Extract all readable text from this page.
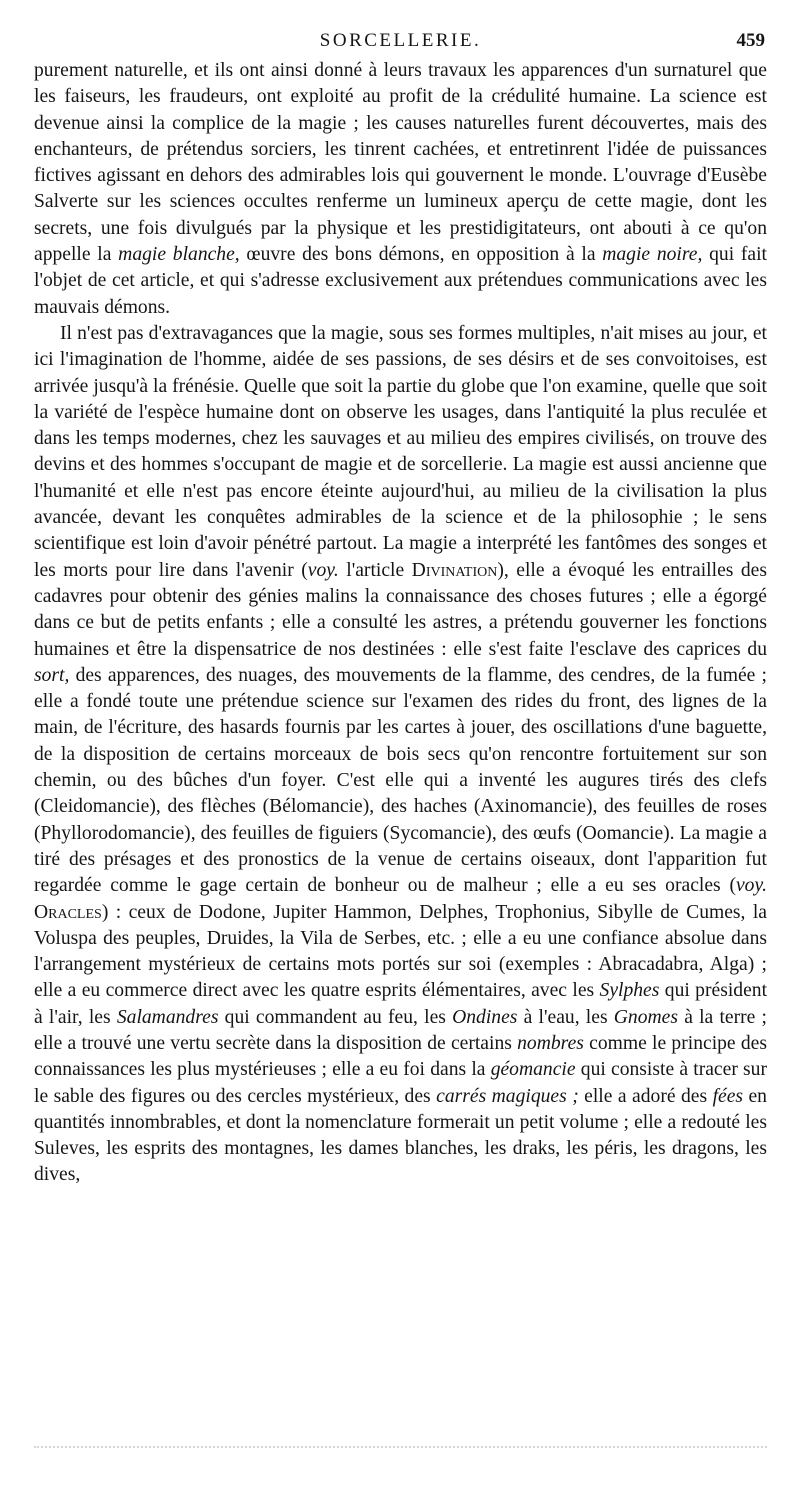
SORCELLERIE.	459

purement naturelle, et ils ont ainsi donné à leurs travaux les apparences d'un surnaturel que les faiseurs, les fraudeurs, ont exploité au profit de la crédulité humaine. La science est devenue ainsi la complice de la magie ; les causes naturelles furent découvertes, mais des enchanteurs, de prétendus sorciers, les tinrent cachées, et entretinrent l'idée de puissances fictives agissant en dehors des admirables lois qui gouvernent le monde. L'ouvrage d'Eusèbe Salverte sur les sciences occultes renferme un lumineux aperçu de cette magie, dont les secrets, une fois divulgués par la physique et les prestidigitateurs, ont abouti à ce qu'on appelle la magie blanche, œuvre des bons démons, en opposition à la magie noire, qui fait l'objet de cet article, et qui s'adresse exclusivement aux prétendues communications avec les mauvais démons.

Il n'est pas d'extravagances que la magie, sous ses formes multiples, n'ait mises au jour, et ici l'imagination de l'homme, aidée de ses passions, de ses désirs et de ses convoitoises, est arrivée jusqu'à la frénésie. Quelle que soit la partie du globe que l'on examine, quelle que soit la variété de l'espèce humaine dont on observe les usages, dans l'antiquité la plus reculée et dans les temps modernes, chez les sauvages et au milieu des empires civilisés, on trouve des devins et des hommes s'occupant de magie et de sorcellerie. La magie est aussi ancienne que l'humanité et elle n'est pas encore éteinte aujourd'hui, au milieu de la civilisation la plus avancée, devant les conquêtes admirables de la science et de la philosophie ; le sens scientifique est loin d'avoir pénétré partout. La magie a interprété les fantômes des songes et les morts pour lire dans l'avenir (voy. l'article Divination), elle a évoqué les entrailles des cadavres pour obtenir des génies malins la connaissance des choses futures ; elle a égorgé dans ce but de petits enfants ; elle a consulté les astres, a prétendu gouverner les fonctions humaines et être la dispensatrice de nos destinées : elle s'est faite l'esclave des caprices du sort, des apparences, des nuages, des mouvements de la flamme, des cendres, de la fumée ; elle a fondé toute une prétendue science sur l'examen des rides du front, des lignes de la main, de l'écriture, des hasards fournis par les cartes à jouer, des oscillations d'une baguette, de la disposition de certains morceaux de bois secs qu'on rencontre fortuitement sur son chemin, ou des bûches d'un foyer. C'est elle qui a inventé les augures tirés des clefs (Cleidomancie), des flèches (Bélomancie), des haches (Axinomancie), des feuilles de roses (Phyllorodomancie), des feuilles de figuiers (Sycomancie), des œufs (Oomancie). La magie a tiré des présages et des pronostics de la venue de certains oiseaux, dont l'apparition fut regardée comme le gage certain de bonheur ou de malheur ; elle a eu ses oracles (voy. Oracles) : ceux de Dodone, Jupiter Hammon, Delphes, Trophonius, Sibylle de Cumes, la Voluspa des peuples, Druides, la Vila de Serbes, etc. ; elle a eu une confiance absolue dans l'arrangement mystérieux de certains mots portés sur soi (exemples : Abracadabra, Alga) ; elle a eu commerce direct avec les quatre esprits élémentaires, avec les Sylphes qui président à l'air, les Salamandres qui commandent au feu, les Ondines à l'eau, les Gnomes à la terre ; elle a trouvé une vertu secrète dans la disposition de certains nombres comme le principe des connaissances les plus mystérieuses ; elle a eu foi dans la géomancie qui consiste à tracer sur le sable des figures ou des cercles mystérieux, des carrés magiques ; elle a adoré des fées en quantités innombrables, et dont la nomenclature formerait un petit volume ; elle a redouté les Suleves, les esprits des montagnes, les dames blanches, les draks, les péris, les dragons, les dives,
